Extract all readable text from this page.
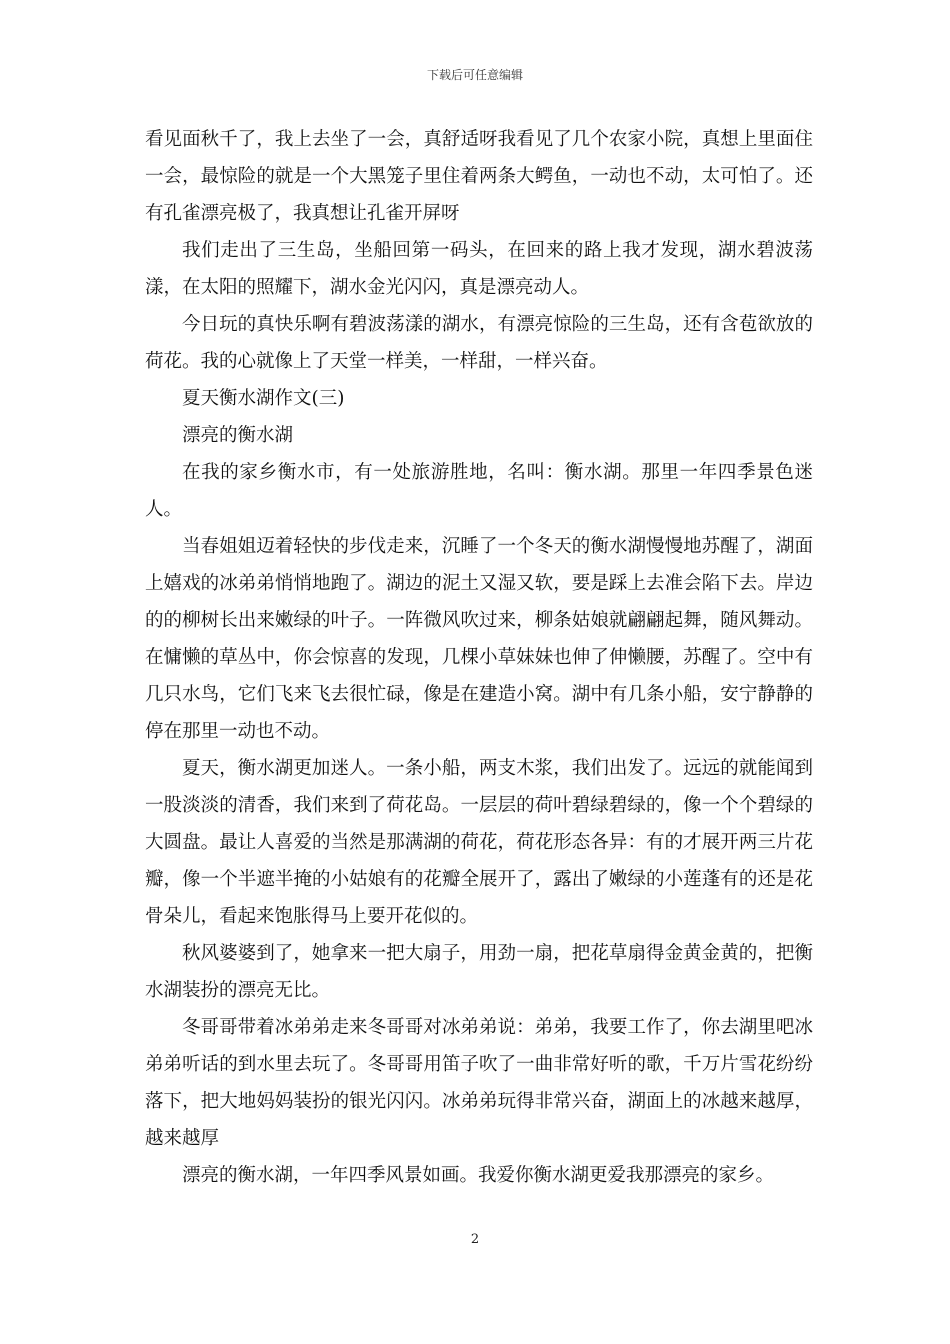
下载后可任意编辑

看见面秋千了，我上去坐了一会，真舒适呀我看见了几个农家小院，真想上里面住一会，最惊险的就是一个大黑笼子里住着两条大鳄鱼，一动也不动，太可怕了。还有孔雀漂亮极了，我真想让孔雀开屏呀

我们走出了三生岛，坐船回第一码头，在回来的路上我才发现，湖水碧波荡漾，在太阳的照耀下，湖水金光闪闪，真是漂亮动人。

今日玩的真快乐啊有碧波荡漾的湖水，有漂亮惊险的三生岛，还有含苞欲放的荷花。我的心就像上了天堂一样美，一样甜，一样兴奋。

夏天衡水湖作文(三)

漂亮的衡水湖

在我的家乡衡水市，有一处旅游胜地，名叫：衡水湖。那里一年四季景色迷人。

当春姐姐迈着轻快的步伐走来，沉睡了一个冬天的衡水湖慢慢地苏醒了，湖面上嬉戏的冰弟弟悄悄地跑了。湖边的泥土又湿又软，要是踩上去准会陷下去。岸边的的柳树长出来嫩绿的叶子。一阵微风吹过来，柳条姑娘就翩翩起舞，随风舞动。在慵懒的草丛中，你会惊喜的发现，几棵小草妹妹也伸了伸懒腰，苏醒了。空中有几只水鸟，它们飞来飞去很忙碌，像是在建造小窝。湖中有几条小船，安宁静静的停在那里一动也不动。

夏天，衡水湖更加迷人。一条小船，两支木浆，我们出发了。远远的就能闻到一股淡淡的清香，我们来到了荷花岛。一层层的荷叶碧绿碧绿的，像一个个碧绿的大圆盘。最让人喜爱的当然是那满湖的荷花，荷花形态各异：有的才展开两三片花瓣，像一个半遮半掩的小姑娘有的花瓣全展开了，露出了嫩绿的小莲蓬有的还是花骨朵儿，看起来饱胀得马上要开花似的。

秋风婆婆到了，她拿来一把大扇子，用劲一扇，把花草扇得金黄金黄的，把衡水湖装扮的漂亮无比。

冬哥哥带着冰弟弟走来冬哥哥对冰弟弟说：弟弟，我要工作了，你去湖里吧冰弟弟听话的到水里去玩了。冬哥哥用笛子吹了一曲非常好听的歌，千万片雪花纷纷落下，把大地妈妈装扮的银光闪闪。冰弟弟玩得非常兴奋，湖面上的冰越来越厚，越来越厚

漂亮的衡水湖，一年四季风景如画。我爱你衡水湖更爱我那漂亮的家乡。

2
